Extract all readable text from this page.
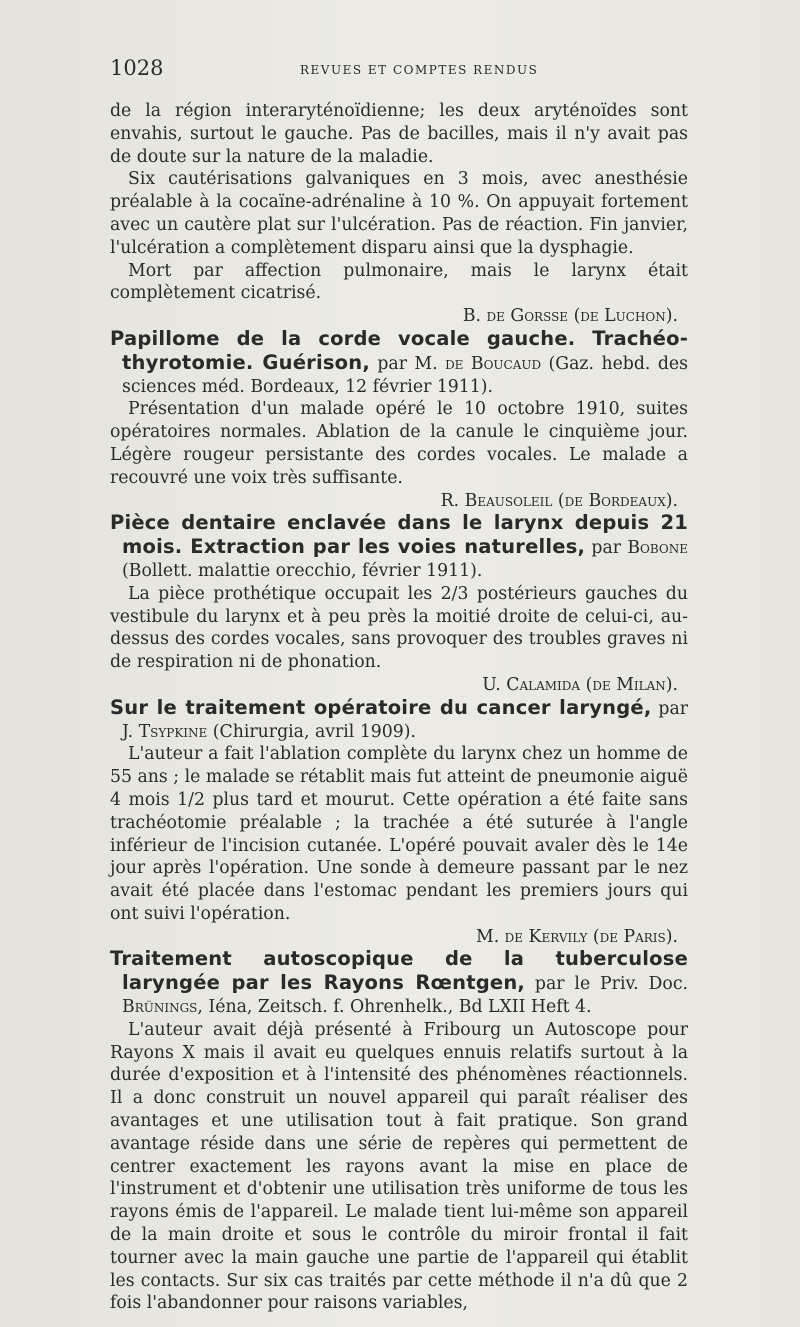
1028	REVUES ET COMPTES RENDUS

de la région interaryténoïdienne; les deux aryténoïdes sont envahis, surtout le gauche. Pas de bacilles, mais il n'y avait pas de doute sur la nature de la maladie.

Six cautérisations galvaniques en 3 mois, avec anesthésie préalable à la cocaïne-adrénaline à 10 %. On appuyait fortement avec un cautère plat sur l'ulcération. Pas de réaction. Fin janvier, l'ulcération a complètement disparu ainsi que la dysphagie.

Mort par affection pulmonaire, mais le larynx était complètement cicatrisé.

B. de Gorsse (de Luchon).

Papillome de la corde vocale gauche. Trachéo-thyrotomie. Guérison, par M. de Boucaud (Gaz. hebd. des sciences méd. Bordeaux, 12 février 1911).

Présentation d'un malade opéré le 10 octobre 1910, suites opératoires normales. Ablation de la canule le cinquième jour. Légère rougeur persistante des cordes vocales. Le malade a recouvré une voix très suffisante.

R. Beausoleil (de Bordeaux).

Pièce dentaire enclavée dans le larynx depuis 21 mois. Extraction par les voies naturelles, par Bobone (Bollett. malattie orecchio, février 1911).

La pièce prothétique occupait les 2/3 postérieurs gauches du vestibule du larynx et à peu près la moitié droite de celui-ci, au-dessus des cordes vocales, sans provoquer des troubles graves ni de respiration ni de phonation.

U. Calamida (de Milan).

Sur le traitement opératoire du cancer laryngé, par J. Tsypkine (Chirurgia, avril 1909).

L'auteur a fait l'ablation complète du larynx chez un homme de 55 ans ; le malade se rétablit mais fut atteint de pneumonie aiguë 4 mois 1/2 plus tard et mourut. Cette opération a été faite sans trachéotomie préalable ; la trachée a été suturée à l'angle inférieur de l'incision cutanée. L'opéré pouvait avaler dès le 14e jour après l'opération. Une sonde à demeure passant par le nez avait été placée dans l'estomac pendant les premiers jours qui ont suivi l'opération.

M. de Kervily (de Paris).

Traitement autoscopique de la tuberculose laryngée par les Rayons Rœntgen, par le Priv. Doc. Brünings, Iéna, Zeitsch. f. Ohrenhelk., Bd LXII Heft 4.

L'auteur avait déjà présenté à Fribourg un Autoscope pour Rayons X mais il avait eu quelques ennuis relatifs surtout à la durée d'exposition et à l'intensité des phénomènes réactionnels. Il a donc construit un nouvel appareil qui paraît réaliser des avantages et une utilisation tout à fait pratique. Son grand avantage réside dans une série de repères qui permettent de centrer exactement les rayons avant la mise en place de l'instrument et d'obtenir une utilisation très uniforme de tous les rayons émis de l'appareil. Le malade tient lui-même son appareil de la main droite et sous le contrôle du miroir frontal il fait tourner avec la main gauche une partie de l'appareil qui établit les contacts. Sur six cas traités par cette méthode il n'a dû que 2 fois l'abandonner pour raisons variables,
